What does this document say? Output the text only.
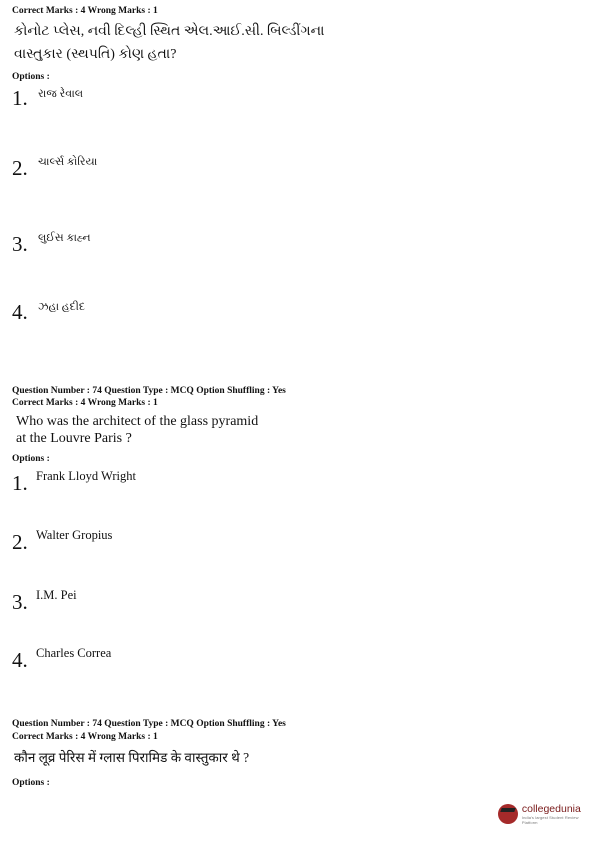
Correct Marks : 4 Wrong Marks : 1
કોનોટ પ્લેસ, નવી દિલ્હી સ્થિત એલ.આઈ.સી. બિલ્ડીંગના
વાસ્તુકાર (સ્થપતિ) કોણ હતા?
Options :
1. રાજ રેવાલ
2. ચાર્લ્સ કોરિયા
3. લુઈસ કાહ્ન
4. ઝહા હદીદ
Question Number : 74 Question Type : MCQ Option Shuffling : Yes
Correct Marks : 4 Wrong Marks : 1
Who was the architect of the glass pyramid
at the Louvre Paris ?
Options :
1. Frank Lloyd Wright
2. Walter Gropius
3. I.M. Pei
4. Charles Correa
Question Number : 74 Question Type : MCQ Option Shuffling : Yes
Correct Marks : 4 Wrong Marks : 1
कौन लूव्र पेरिस में ग्लास पिरामिड के वास्तुकार थे ?
Options :
collegedunia
India's largest Student Review Platform
